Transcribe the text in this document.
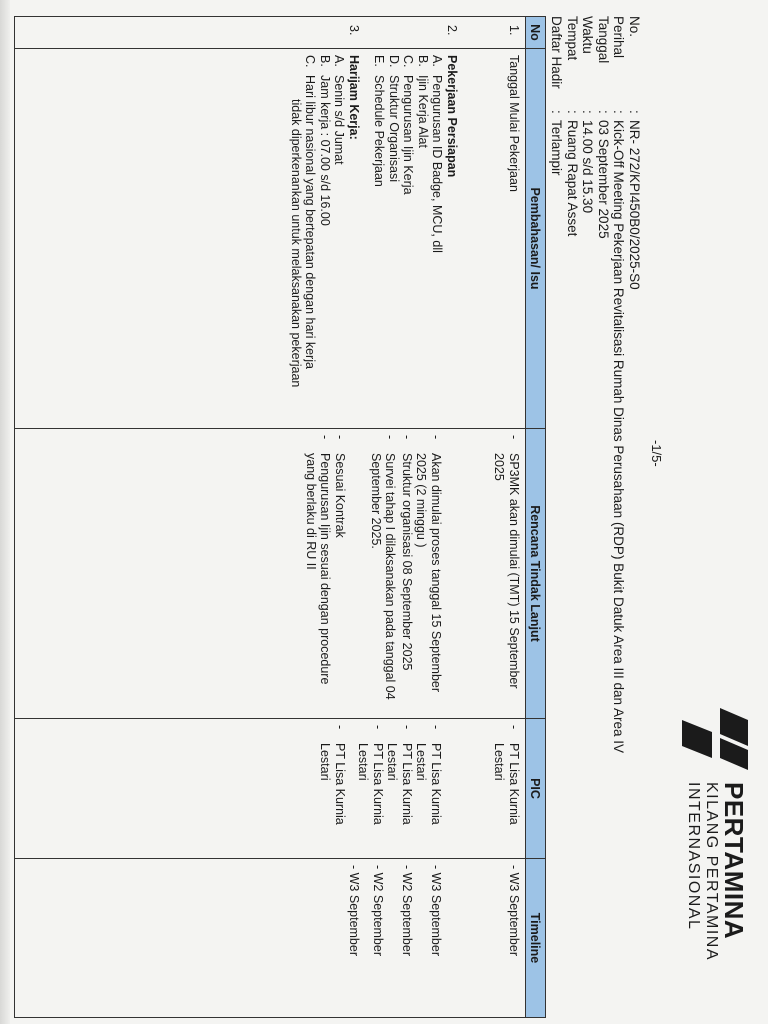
PERTAMINA
KILANG PERTAMINA
INTERNASIONAL
-1/5-
No.
:
NR- 272/KPI450B0/2025-S0
Perihal
:
Kick-Off Meeting Pekerjaan Revitalisasi Rumah Dinas Perusahaan (RDP) Bukit Datuk Area III dan Area IV
Tanggal
:
03 September 2025
Waktu
:
14.00 s/d 15.30
Tempat
:
Ruang Rapat Asset
Daftar Hadir
:
Terlampir
No
Pembahasan/ Isu
Rencana Tindak Lanjut
PIC
Timeline
1.
2.
3.
Tanggal Mulai Pekerjaan
Pekerjaan Persiapan
A.
Pengurusan ID Badge, MCU, dll
B.
Ijin Kerja Alat
C.
Pengurusan Ijin Kerja
D.
Struktur Organisasi
E.
Schedule Pekerjaan
Harijam Kerja:
A.
Senin s/d Jumat
B.
Jam kerja : 07.00 s/d 16.00
C.
Hari libur nasional yang bertepatan dengan hari kerja
tidak diperkenankan untuk melaksanakan pekerjaan
-
SP3MK akan dimulai (TMT) 15 September 2025
-
Akan dimulai proses tanggal 15 September 2025 (2 minggu )
-
Struktur organisasi 08 September 2025
-
Survei tahap I dilaksanakan pada tanggal 04 September 2025.
-
Sesuai Kontrak
-
Pengurusan Ijin sesuai dengan procedure yang berlaku di RU II
-
PT Lisa Kurnia Lestari
-
PT Lisa Kurnia Lestari
-
PT Lisa Kurnia Lestari
-
PT Lisa Kurnia Lestari
-
PT Lisa Kurnia Lestari
- W3 September
- W3 September
- W2 September
- W2 September
- W3 September
